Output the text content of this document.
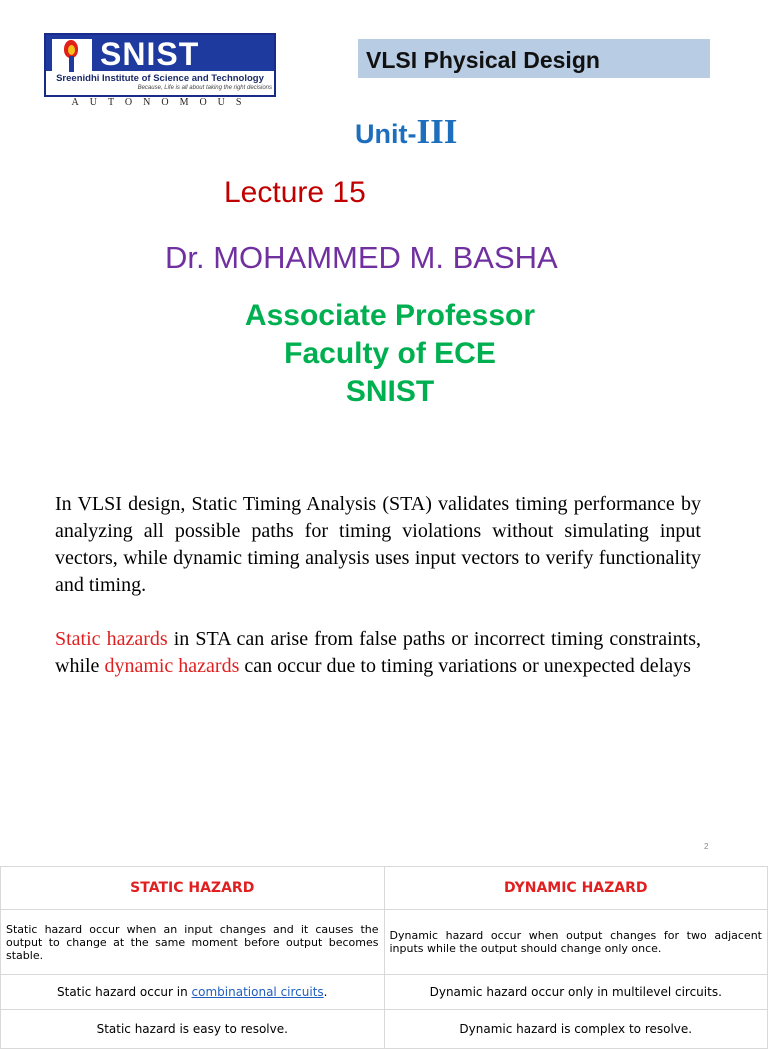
SNIST
Sreenidhi Institute of Science and Technology
Because, Life is all about taking the right decisions
AUTONOMOUS
VLSI Physical Design
Unit-III
Lecture 15
Dr. MOHAMMED M. BASHA
Associate Professor
Faculty of ECE
SNIST
In VLSI design, Static Timing Analysis (STA) validates timing performance by analyzing all possible paths for timing violations without simulating input vectors, while dynamic timing analysis uses input vectors to verify functionality and timing.
Static hazards in STA can arise from false paths or incorrect timing constraints, while dynamic hazards can occur due to timing variations or unexpected delays
2
STATIC HAZARD	DYNAMIC HAZARD
Static hazard occur when an input changes and it causes the output to change at the same moment before output becomes stable.	Dynamic hazard occur when output changes for two adjacent inputs while the output should change only once.
Static hazard occur in combinational circuits.	Dynamic hazard occur only in multilevel circuits.
Static hazard is easy to resolve.	Dynamic hazard is complex to resolve.
